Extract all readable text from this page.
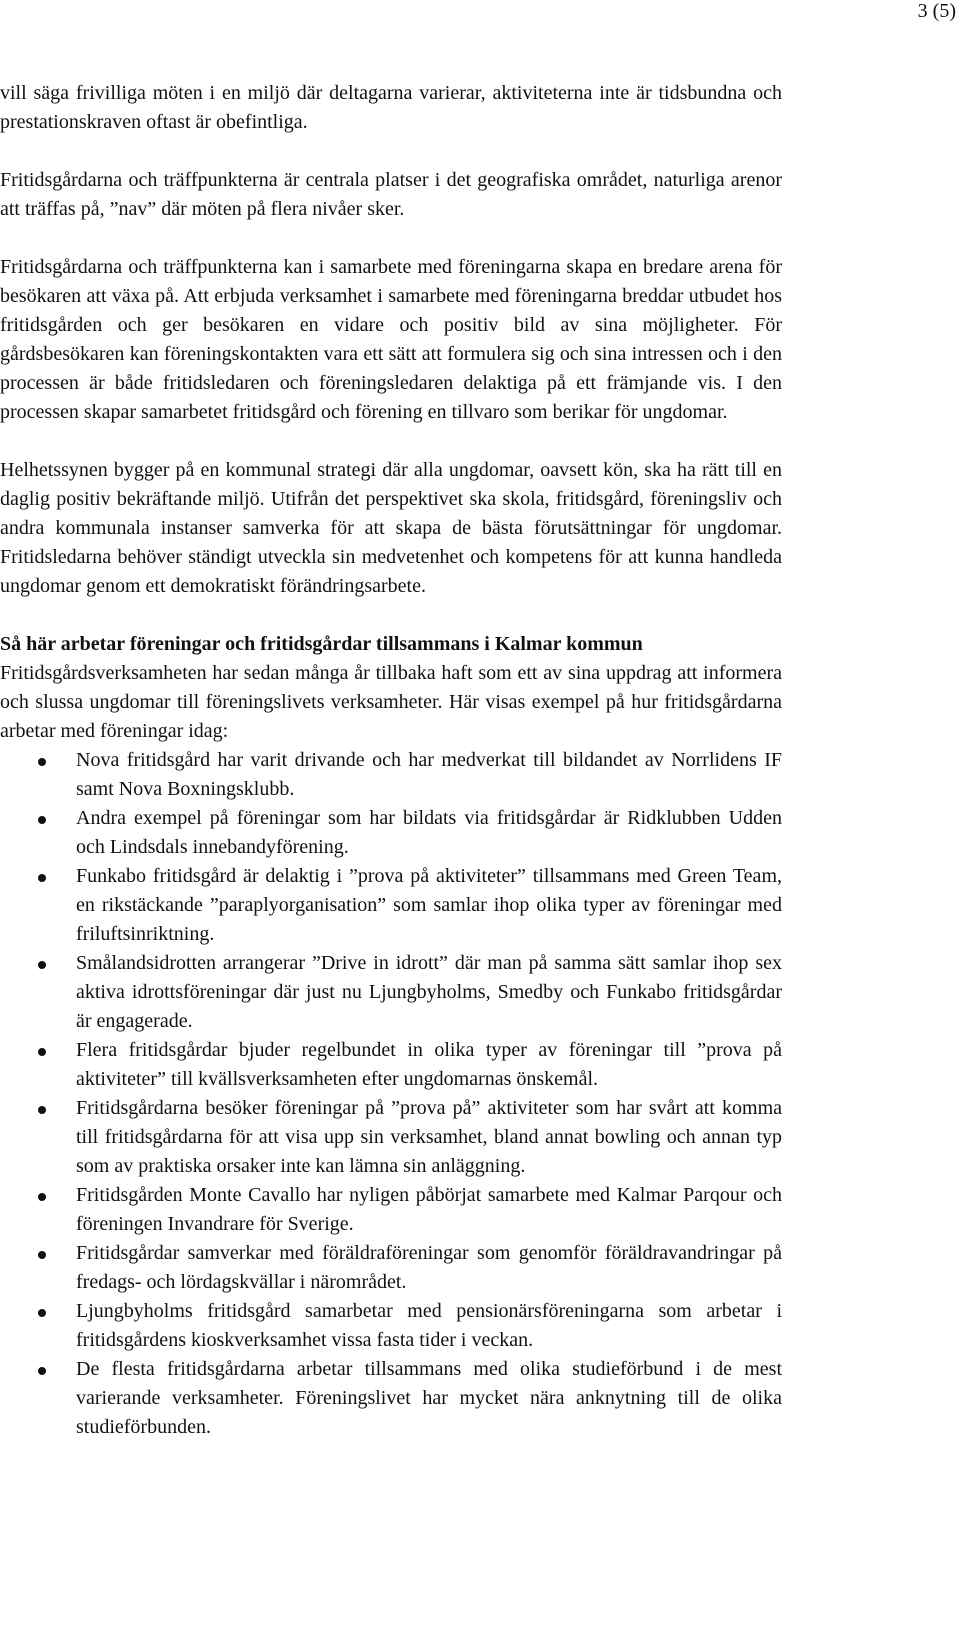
3 (5)

vill säga frivilliga möten i en miljö där deltagarna varierar, aktiviteterna inte är tidsbundna och prestationskraven oftast är obefintliga.

Fritidsgårdarna och träffpunkterna är centrala platser i det geografiska området, naturliga arenor att träffas på, ”nav” där möten på flera nivåer sker.

Fritidsgårdarna och träffpunkterna kan i samarbete med föreningarna skapa en bredare arena för besökaren att växa på. Att erbjuda verksamhet i samarbete med föreningarna breddar utbudet hos fritidsgården och ger besökaren en vidare och positiv bild av sina möjligheter. För gårdsbesökaren kan föreningskontakten vara ett sätt att formulera sig och sina intressen och i den processen är både fritidsledaren och föreningsledaren delaktiga på ett främjande vis. I den processen skapar samarbetet fritidsgård och förening en tillvaro som berikar för ungdomar.

Helhetssynen bygger på en kommunal strategi där alla ungdomar, oavsett kön, ska ha rätt till en daglig positiv bekräftande miljö. Utifrån det perspektivet ska skola, fritidsgård, föreningsliv och andra kommunala instanser samverka för att skapa de bästa förutsättningar för ungdomar. Fritidsledarna behöver ständigt utveckla sin medvetenhet och kompetens för att kunna handleda ungdomar genom ett demokratiskt förändringsarbete.

Så här arbetar föreningar och fritidsgårdar tillsammans i Kalmar kommun

Fritidsgårdsverksamheten har sedan många år tillbaka haft som ett av sina uppdrag att informera och slussa ungdomar till föreningslivets verksamheter. Här visas exempel på hur fritidsgårdarna arbetar med föreningar idag:

Nova fritidsgård har varit drivande och har medverkat till bildandet av Norrlidens IF samt Nova Boxningsklubb.
Andra exempel på föreningar som har bildats via fritidsgårdar är Ridklubben Udden och Lindsdals innebandyförening.
Funkabo fritidsgård är delaktig i ”prova på aktiviteter” tillsammans med Green Team, en rikstäckande ”paraplyorganisation” som samlar ihop olika typer av föreningar med friluftsinriktning.
Smålandsidrotten arrangerar ”Drive in idrott” där man på samma sätt samlar ihop sex aktiva idrottsföreningar där just nu Ljungbyholms, Smedby och Funkabo fritidsgårdar är engagerade.
Flera fritidsgårdar bjuder regelbundet in olika typer av föreningar till ”prova på aktiviteter” till kvällsverksamheten efter ungdomarnas önskemål.
Fritidsgårdarna besöker föreningar på ”prova på” aktiviteter som har svårt att komma till fritidsgårdarna för att visa upp sin verksamhet, bland annat bowling och annan typ som av praktiska orsaker inte kan lämna sin anläggning.
Fritidsgården Monte Cavallo har nyligen påbörjat samarbete med Kalmar Parqour och föreningen Invandrare för Sverige.
Fritidsgårdar samverkar med föräldraföreningar som genomför föräldravandringar på fredags- och lördagskvällar i närområdet.
Ljungbyholms fritidsgård samarbetar med pensionärsföreningarna som arbetar i fritidsgårdens kioskverksamhet vissa fasta tider i veckan.
De flesta fritidsgårdarna arbetar tillsammans med olika studieförbund i de mest varierande verksamheter. Föreningslivet har mycket nära anknytning till de olika studieförbunden.
